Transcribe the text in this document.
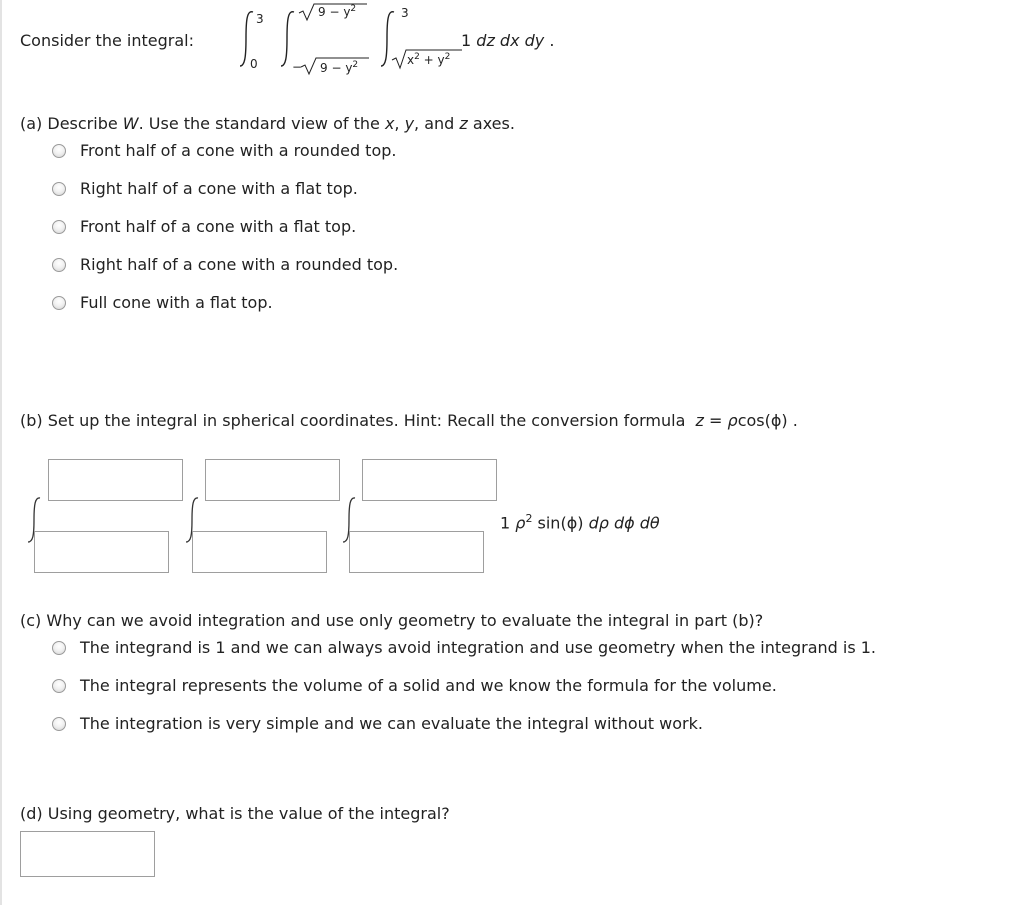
Consider the integral:
3
0
$9 - y^2$
− $9 - y^2$
3
$x^2 + y^2$
1 dz dx dy .
(a) Describe W. Use the standard view of the x, y, and z axes.
Front half of a cone with a rounded top.
Right half of a cone with a flat top.
Front half of a cone with a flat top.
Right half of a cone with a rounded top.
Full cone with a flat top.
(b) Set up the integral in spherical coordinates. Hint: Recall the conversion formula z = ρcos(ϕ) .
1 $\rho^2$ sin(ϕ) dρ dϕ dθ
(c) Why can we avoid integration and use only geometry to evaluate the integral in part (b)?
The integrand is 1 and we can always avoid integration and use geometry when the integrand is 1.
The integral represents the volume of a solid and we know the formula for the volume.
The integration is very simple and we can evaluate the integral without work.
(d) Using geometry, what is the value of the integral?
